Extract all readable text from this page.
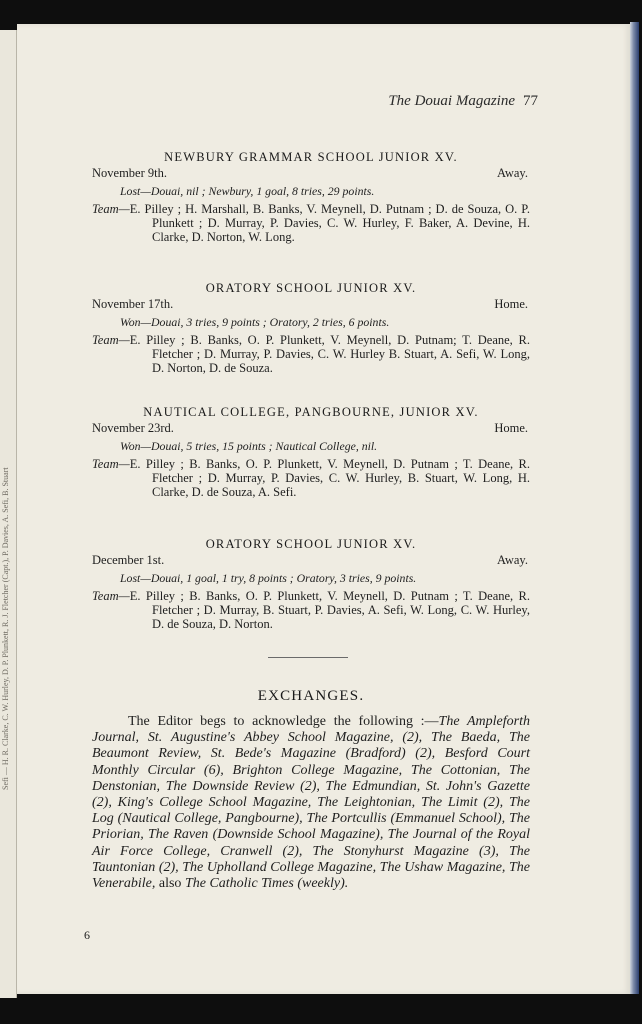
Sefi — H. R. Clarke, C. W. Hurley, D. P. Plunkett, R. J. Fletcher (Capt.), P. Davies, A. Sefi, B. Stuart
The Douai Magazine 77
NEWBURY GRAMMAR SCHOOL JUNIOR XV.
November 9th.	Away.
Lost—Douai, nil ; Newbury, 1 goal, 8 tries, 29 points.
Team—E. Pilley ; H. Marshall, B. Banks, V. Meynell, D. Putnam ; D. de Souza, O. P. Plunkett ; D. Murray, P. Davies, C. W. Hurley, F. Baker, A. Devine, H. Clarke, D. Norton, W. Long.
ORATORY SCHOOL JUNIOR XV.
November 17th.	Home.
Won—Douai, 3 tries, 9 points ; Oratory, 2 tries, 6 points.
Team—E. Pilley ; B. Banks, O. P. Plunkett, V. Meynell, D. Putnam; T. Deane, R. Fletcher ; D. Murray, P. Davies, C. W. Hurley B. Stuart, A. Sefi, W. Long, D. Norton, D. de Souza.
NAUTICAL COLLEGE, PANGBOURNE, JUNIOR XV.
November 23rd.	Home.
Won—Douai, 5 tries, 15 points ; Nautical College, nil.
Team—E. Pilley ; B. Banks, O. P. Plunkett, V. Meynell, D. Putnam ; T. Deane, R. Fletcher ; D. Murray, P. Davies, C. W. Hurley, B. Stuart, W. Long, H. Clarke, D. de Souza, A. Sefi.
ORATORY SCHOOL JUNIOR XV.
December 1st.	Away.
Lost—Douai, 1 goal, 1 try, 8 points ; Oratory, 3 tries, 9 points.
Team—E. Pilley ; B. Banks, O. P. Plunkett, V. Meynell, D. Putnam ; T. Deane, R. Fletcher ; D. Murray, B. Stuart, P. Davies, A. Sefi, W. Long, C. W. Hurley, D. de Souza, D. Norton.
EXCHANGES.
The Editor begs to acknowledge the following :—The Ampleforth Journal, St. Augustine's Abbey School Magazine, (2), The Baeda, The Beaumont Review, St. Bede's Magazine (Bradford) (2), Besford Court Monthly Circular (6), Brighton College Magazine, The Cottonian, The Denstonian, The Downside Review (2), The Edmundian, St. John's Gazette (2), King's College School Magazine, The Leightonian, The Limit (2), The Log (Nautical College, Pangbourne), The Portcullis (Emmanuel School), The Priorian, The Raven (Downside School Magazine), The Journal of the Royal Air Force College, Cranwell (2), The Stonyhurst Magazine (3), The Tauntonian (2), The Upholland College Magazine, The Ushaw Magazine, The Venerabile, also The Catholic Times (weekly).
6
